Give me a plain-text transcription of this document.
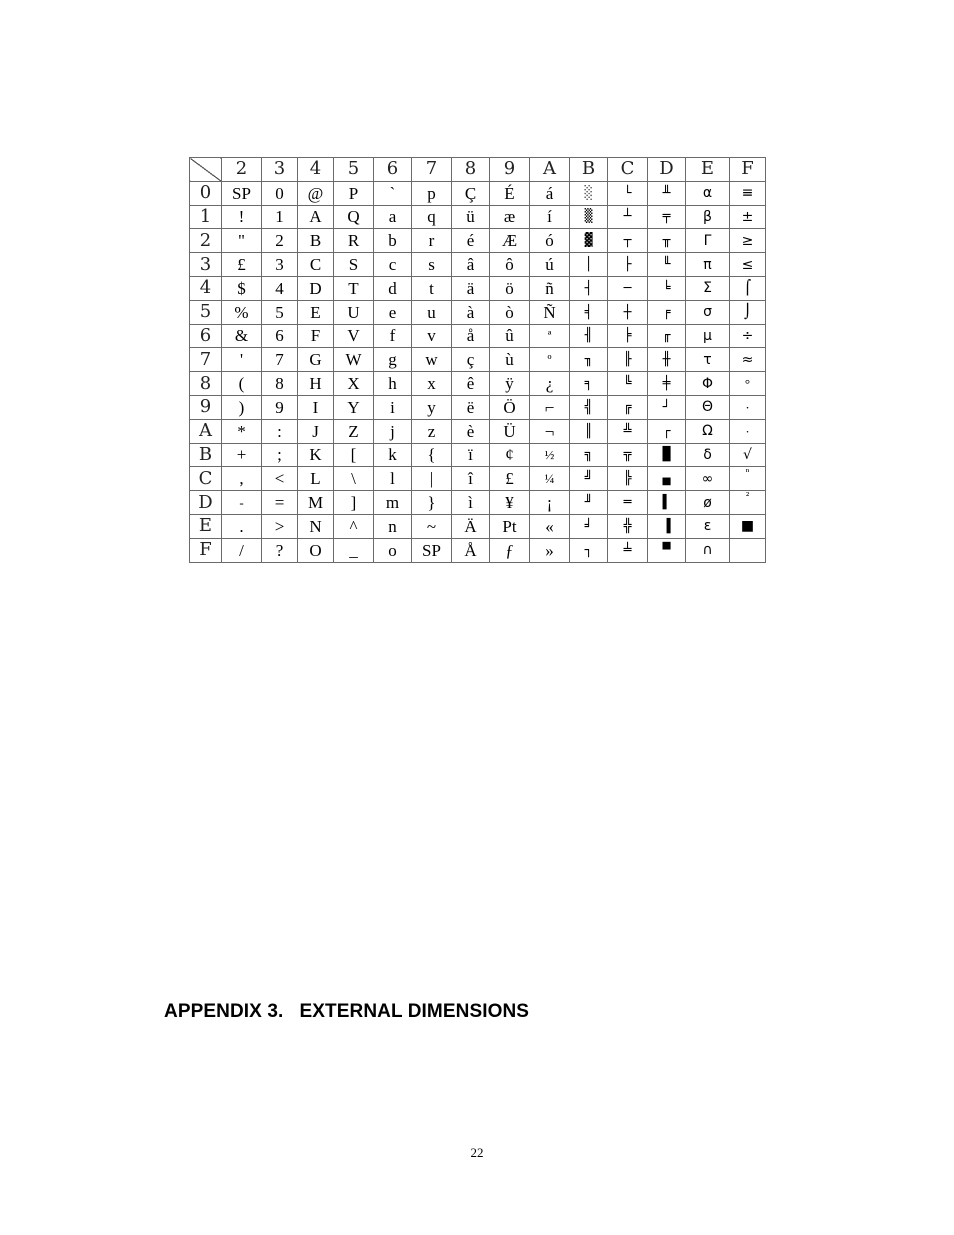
	2	3	4	5	6	7	8	9	A	B	C	D	E	F
0	SP	0	@	P	`	p	Ç	É	á	░	└	╨	α	≡
1	!	1	A	Q	a	q	ü	æ	í	▒	┴	╤	β	±
2	"	2	B	R	b	r	é	Æ	ó	▓	┬	╥	Γ	≥
3	£	3	C	S	c	s	â	ô	ú	│	├	╙	π	≤
4	$	4	D	T	d	t	ä	ö	ñ	┤	─	╘	Σ	⌠
5	%	5	E	U	e	u	à	ò	Ñ	╡	┼	╒	σ	⌡
6	&	6	F	V	f	v	å	û	ª	╢	╞	╓	µ	÷
7	'	7	G	W	g	w	ç	ù	º	╖	╟	╫	τ	≈
8	(	8	H	X	h	x	ê	ÿ	¿	╕	╚	╪	Φ	°
9	)	9	I	Y	i	y	ë	Ö	⌐	╣	╔	┘	Θ	∙
A	*	:	J	Z	j	z	è	Ü	¬	║	╩	┌	Ω	·
B	+	;	K	[	k	{	ï	¢	½	╗	╦	█	δ	√
C	,	<	L	\	l	|	î	£	¼	╝	╠	▄	∞	ⁿ
D	-	=	M	]	m	}	ì	¥	¡	╜	═	▌	ø	²
E	.	>	N	^	n	~	Ä	Pt	«	╛	╬	▐	ε	■
F	/	?	O	_	o	SP	Å	ƒ	»	┐	╧	▀	∩	
APPENDIX 3.   EXTERNAL DIMENSIONS
22
